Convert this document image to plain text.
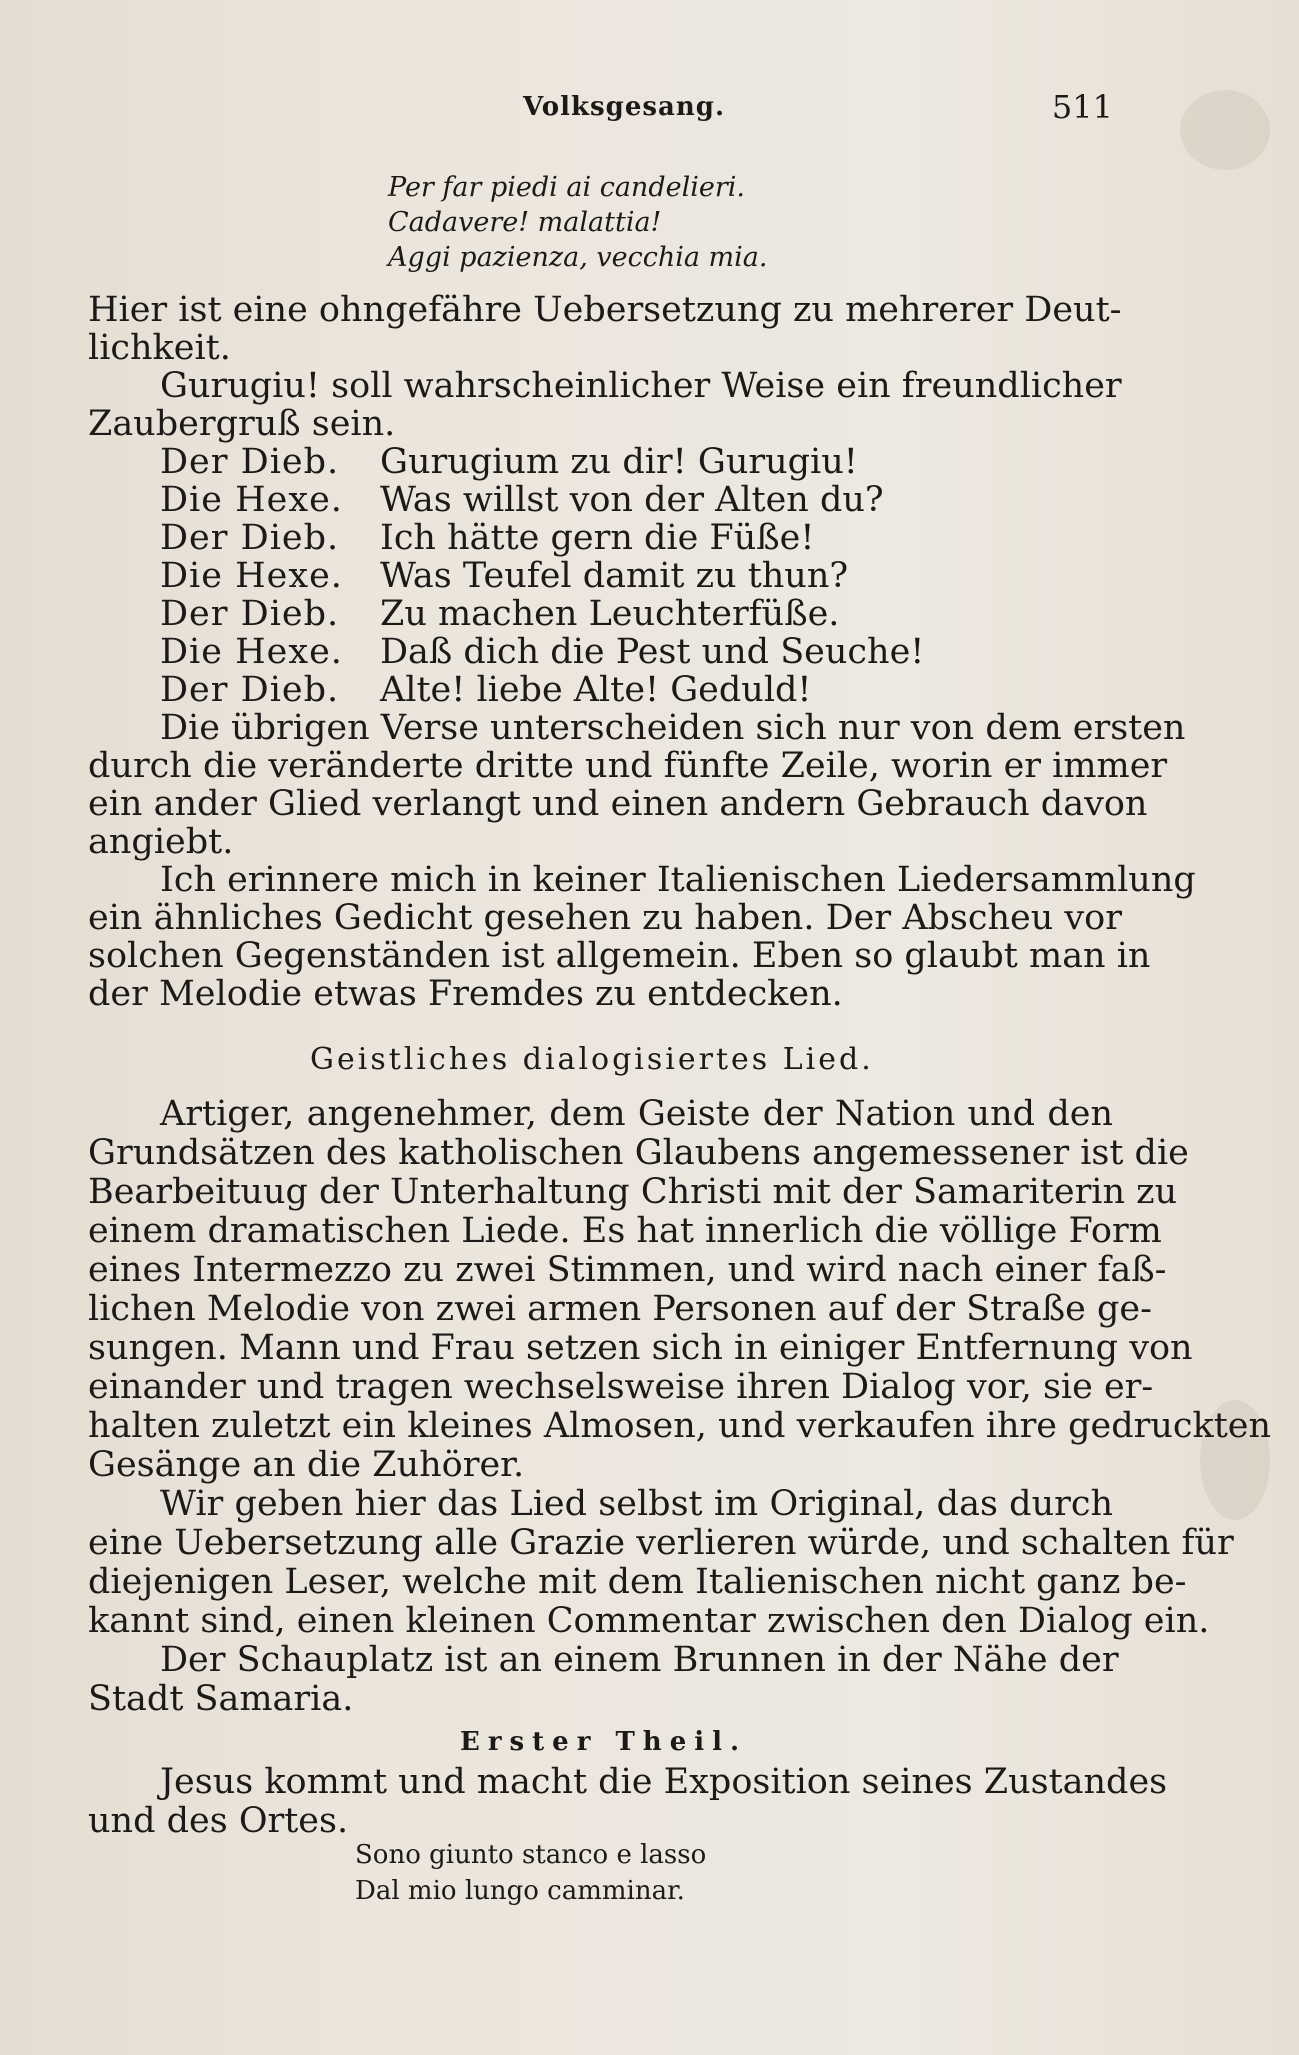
Volksgesang.	511
Per far piedi ai candelieri.
Cadavere! malattia!
Aggi pazienza, vecchia mia.
Hier ist eine ohngefähre Uebersetzung zu mehrerer Deut-
lichkeit.
Gurugiu! soll wahrscheinlicher Weise ein freundlicher
Zaubergruß sein.
Der Dieb. Gurugium zu dir! Gurugiu!
Die Hexe. Was willst von der Alten du?
Der Dieb. Ich hätte gern die Füße!
Die Hexe. Was Teufel damit zu thun?
Der Dieb. Zu machen Leuchterfüße.
Die Hexe. Daß dich die Pest und Seuche!
Der Dieb. Alte! liebe Alte! Geduld!
Die übrigen Verse unterscheiden sich nur von dem ersten
durch die veränderte dritte und fünfte Zeile, worin er immer
ein ander Glied verlangt und einen andern Gebrauch davon
angiebt.
Ich erinnere mich in keiner Italienischen Liedersammlung
ein ähnliches Gedicht gesehen zu haben. Der Abscheu vor
solchen Gegenständen ist allgemein. Eben so glaubt man in
der Melodie etwas Fremdes zu entdecken.
Geistliches dialogisiertes Lied.
Artiger, angenehmer, dem Geiste der Nation und den
Grundsätzen des katholischen Glaubens angemessener ist die
Bearbeituug der Unterhaltung Christi mit der Samariterin zu
einem dramatischen Liede. Es hat innerlich die völlige Form
eines Intermezzo zu zwei Stimmen, und wird nach einer faß-
lichen Melodie von zwei armen Personen auf der Straße ge-
sungen. Mann und Frau setzen sich in einiger Entfernung von
einander und tragen wechselsweise ihren Dialog vor, sie er-
halten zuletzt ein kleines Almosen, und verkaufen ihre gedruckten
Gesänge an die Zuhörer.
Wir geben hier das Lied selbst im Original, das durch
eine Uebersetzung alle Grazie verlieren würde, und schalten für
diejenigen Leser, welche mit dem Italienischen nicht ganz be-
kannt sind, einen kleinen Commentar zwischen den Dialog ein.
Der Schauplatz ist an einem Brunnen in der Nähe der
Stadt Samaria.
Erster Theil.
Jesus kommt und macht die Exposition seines Zustandes
und des Ortes.
Sono giunto stanco e lasso
Dal mio lungo camminar.
